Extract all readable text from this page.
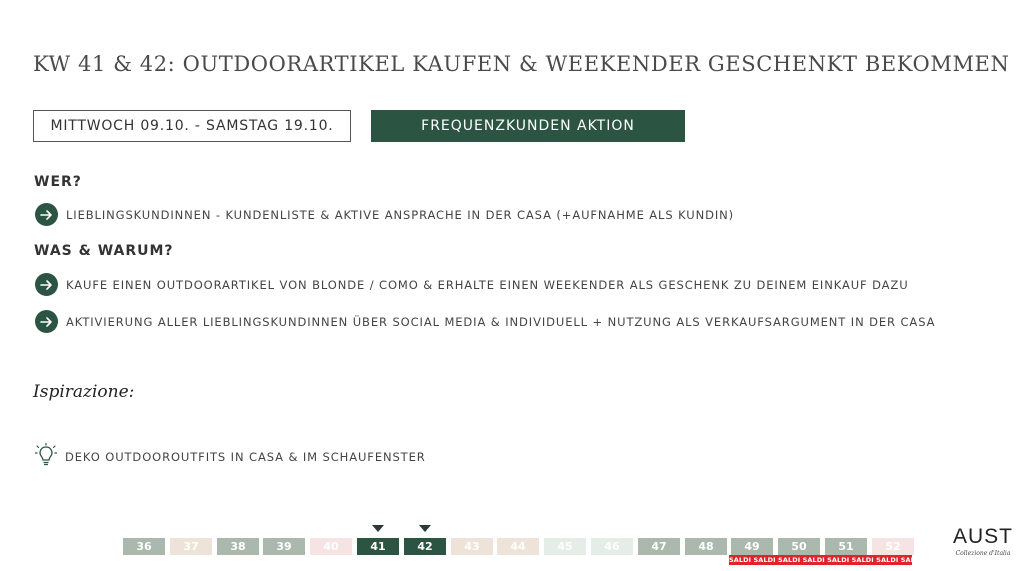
KW 41 & 42: OUTDOORARTIKEL KAUFEN & WEEKENDER GESCHENKT BEKOMMEN
MITTWOCH 09.10. - SAMSTAG 19.10.	FREQUENZKUNDEN AKTION
WER?
LIEBLINGSKUNDINNEN - KUNDENLISTE & AKTIVE ANSPRACHE IN DER CASA (+AUFNAHME ALS KUNDIN)
WAS & WARUM?
KAUFE EINEN OUTDOORARTIKEL VON BLONDE / COMO & ERHALTE EINEN WEEKENDER ALS GESCHENK ZU DEINEM EINKAUF DAZU
AKTIVIERUNG ALLER LIEBLINGSKUNDINNEN ÜBER SOCIAL MEDIA & INDIVIDUELL + NUTZUNG ALS VERKAUFSARGUMENT IN DER CASA
Ispirazione:
DEKO OUTDOOROUTFITS IN CASA & IM SCHAUFENSTER
36	37	38	39	40	41	42	43	44	45	46	47	48	49	50	51	52
SALDI SALDI SALDI SALDI SALDI SALDI SALDI SALDI SALDI SALDI
AUST
Collezione d'Italia
